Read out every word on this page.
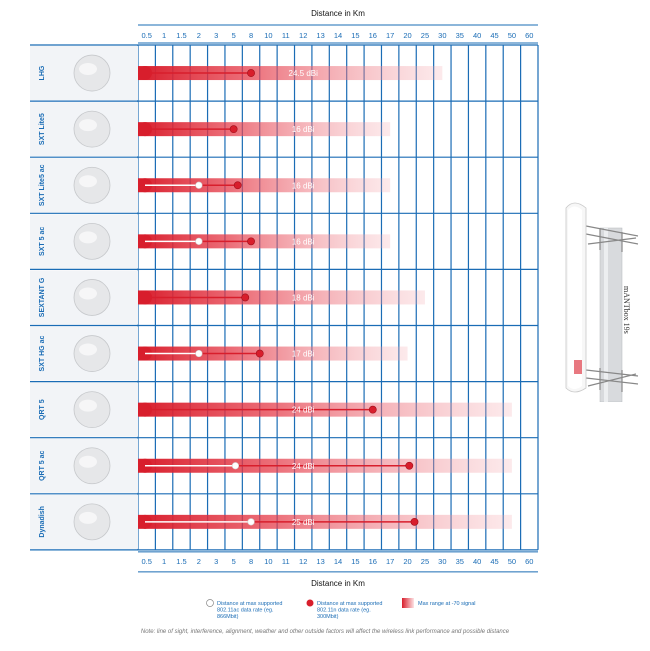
Distance in Km
Distance in Km
0.5 1 1.5 2 3 5 8 10 11 12 13 14 15 16 17 20 25 30 35 40 45 50 60
0.5 1 1.5 2 3 5 8 10 11 12 13 14 15 16 17 20 25 30 35 40 45 50 60
LHG
SXT Lite5
SXT Lite5 ac
SXT 5 ac
SEXTANT G
SXT HG ac
QRT 5
QRT 5 ac
Dynadish
24.5 dBi
16 dBi
16 dBi
16 dBi
18 dBi
17 dBi
24 dBi
24 dBi
25 dBi
Distance at max supported 802.11ac data rate (eg. 866Mbit)
Distance at max supported 802.11n data rate (eg. 300Mbit)
Max range at -70 signal
mANTbox 19s
Note: line of sight, interference, alignment, weather and other outside factors will affect the wireless link performance and possible distance
